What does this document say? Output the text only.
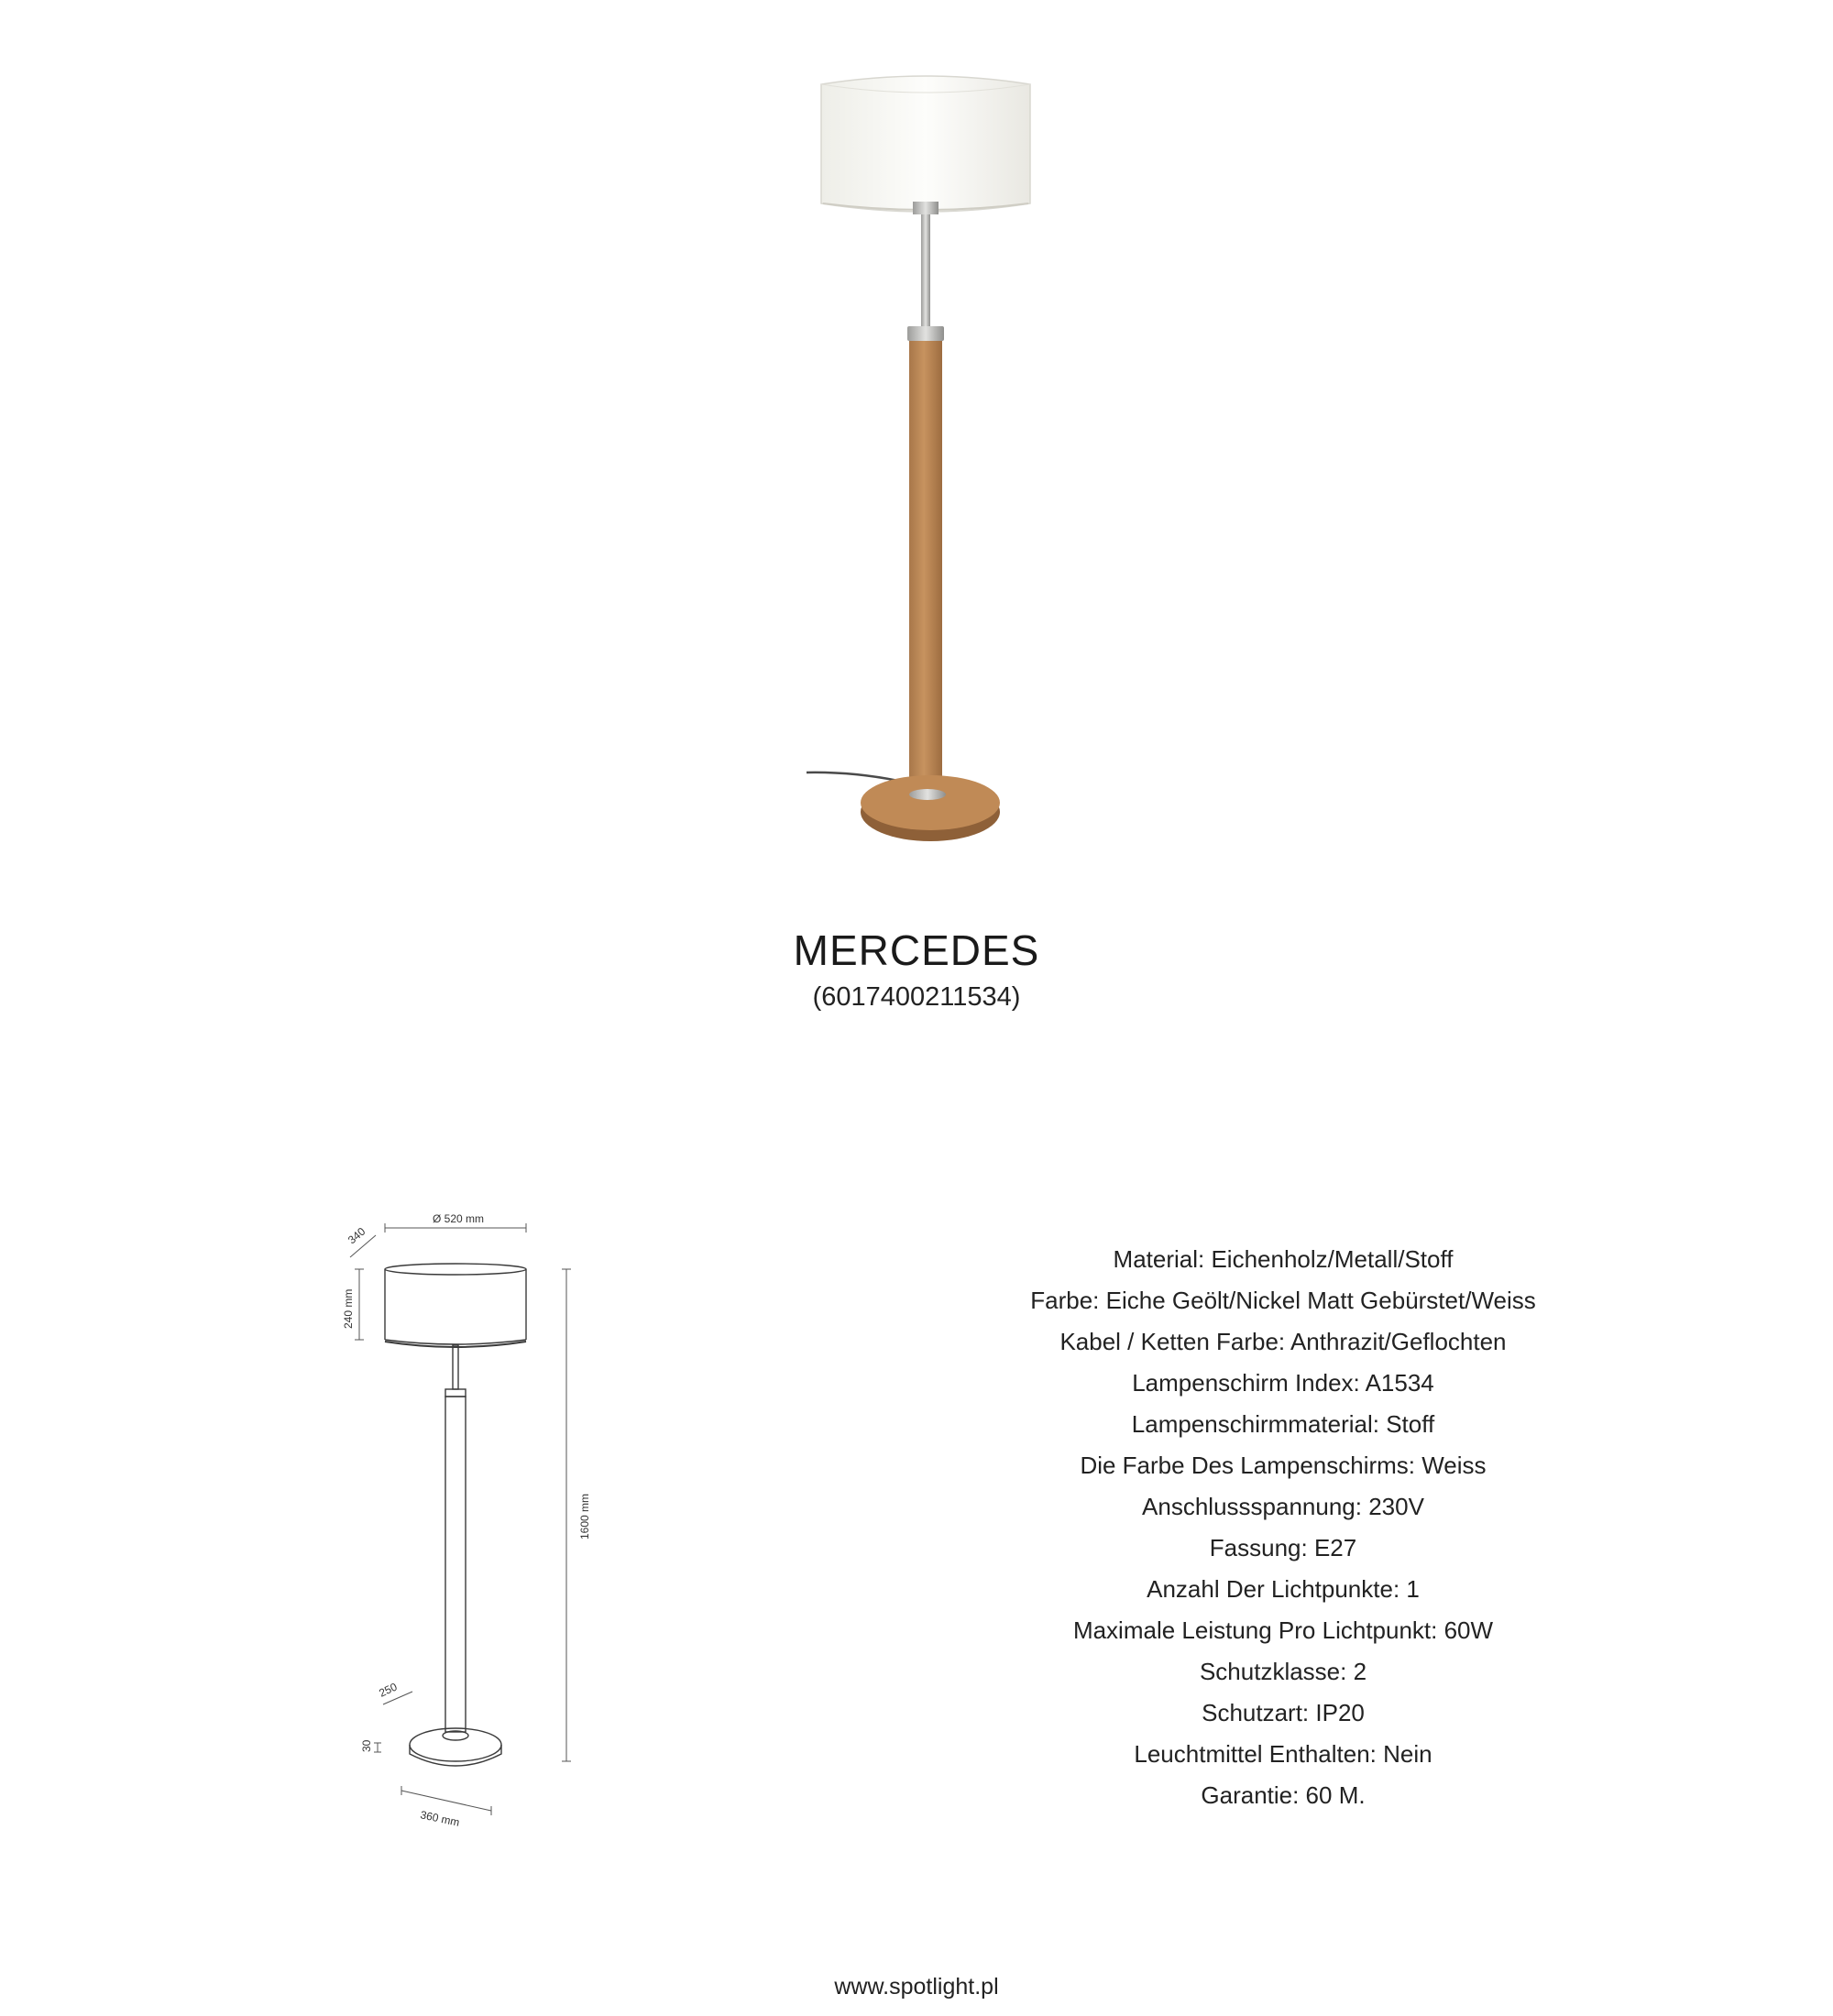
MERCEDES
(6017400211534)
Ø 520 mm
340
240 mm
1600 mm
250
30
360 mm
Material: Eichenholz/Metall/Stoff
Farbe: Eiche Geölt/Nickel Matt Gebürstet/Weiss
Kabel / Ketten Farbe: Anthrazit/Geflochten
Lampenschirm Index: A1534
Lampenschirmmaterial: Stoff
Die Farbe Des Lampenschirms: Weiss
Anschlussspannung: 230V
Fassung: E27
Anzahl Der Lichtpunkte: 1
Maximale Leistung Pro Lichtpunkt: 60W
Schutzklasse: 2
Schutzart: IP20
Leuchtmittel Enthalten: Nein
Garantie: 60 M.
www.spotlight.pl
